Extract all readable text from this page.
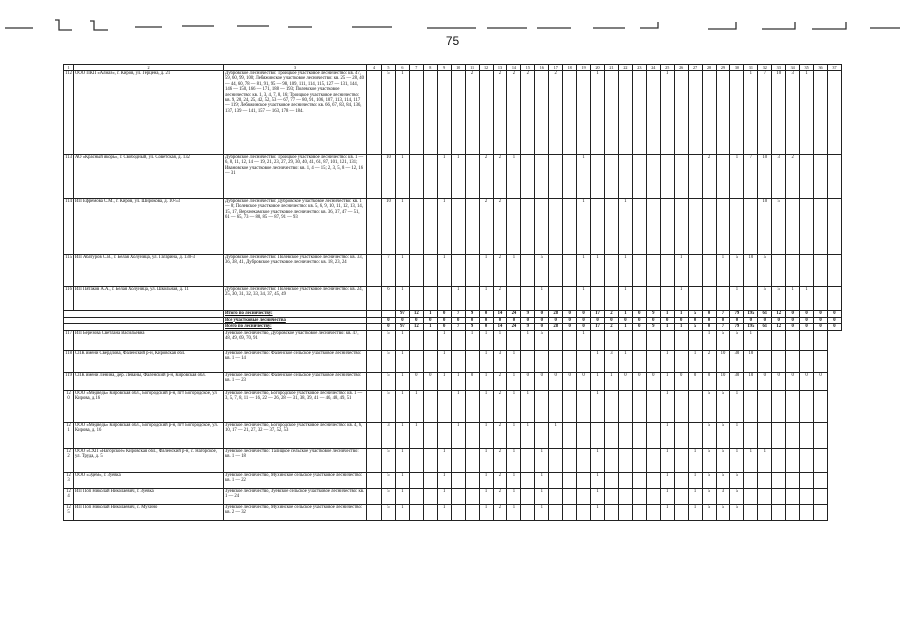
75
1	2	3	4	5	6	7	8	9	10	11	12	13	14	15	16	17	18	19	20	21	22	23	24	25	26	27	28	29	30	31	32	33	34	35	36	37	
112	ООО ПКП «Алмаз», г. Киров, ул. Герцена, д. 21	Дубровское Лесничество: Троицкое участковое лесничество: кв. 47, 59, 60, 99, 100; Лебяжинское участковое лесничество: кв. 25 — 28, 40 — 44, 60, 78 — 81, 91, 95 — 98, 109, 111, 114, 115, 127 — 131, 144, 146 — 150, 166 — 171, 188 — 193; Полевское участковое лесничество: кв. 1, 3, 4, 7, 8, 16; Троицкое участковое лесничество: кв. 9, 20, 24, 25, 42, 52, 53 — 67, 77 — 80, 91, 106, 107, 113, 114, 117 — 119; Лебяжинское участковое лесничество: кв. 66, 67, 83, 84, 136, 137, 139 — 141, 157 — 163, 178 — 184.		5	1					2		2	2	2		2			1					1						1	7	10	3	1					
113	АО «Красный якорь», г. Свободный, ул. Советская, д. 132	Дубровское Лесничество: Троицкое участковое лесничество: кв. 1 — 6, 8, 11, 12, 14 — 19, 21, 23, 27, 29, 30, 40, 41, 61, 87, 101, 121, 131; Ивановское участковое лесничество: кв. 1, 4 — 15; 2, 3, 5, 8 — 12, 16 — 31		10	1			1	1		2	2	1					1									2		1	7	10	3	2					
114	ИП Ефремова С.М., г. Киров, ул. Широкова, д. 10-53	Дубровское Лесничество: Дубровское участковое лесничество: кв. 1 — 8; Полевское участковое лесничество: кв. 5, 6, 9, 10, 11, 12, 13, 14, 15, 17, Верхнекамское участковое лесничество: кв. 36, 37, 47 — 51, 61 — 65, 73 — 80, 85 — 87, 91 — 93		10	1			1			2	2						1			1										10	5						
115	ИП Абатуров С.В., г. Белая Холуница, ул. Гагарина, д. 130-3	Дубровское Лесничество: Полевское участковое лесничество: кв. 33, 36, 38, 41, Дубровское участковое лесничество: кв. 18, 23, 24		7	1			1			1	2	1		5			1	1		1				1			1	5	10	5						
116	ИП Пятаков А.А., г. Белая Холуница, ул. Школьная, д. 11	Дубровское Лесничество: Полевское участковое лесничество: кв. 24, 25, 30, 31, 32, 33, 34, 37, 45, 49		6	1				1		1	2			1			1			1				1				1		5	5	1	1				
		Итого по лесничеству:			97	12	1	0	7	9	0	14	24	9	0	28	0	0	17	2	1	0	9	1	1	5	0	7	79	195	61	12	0	0	0	0	
		Все участковые лесничества		0	0	0	0	0	0	0	0	0	0	0	0	0	0	0	0	0	0	0	0	0	0	0	0	0	0	0	0	0	0	0	0	0	
		Всего по лесничеству:		0	97	12	1	0	7	9	0	14	24	9	0	28	0	0	17	2	1	0	9	1	1	5	0	7	79	195	61	12	0	0	0	0	
117	ИП Березова Светлана Васильевна	Зуевское лесничество, Дубровское участковое лесничество: кв. 47, 48, 49, 69, 70, 91		5	1			1		1	1	1		1	5			1									1	5	5	1							
118	СПК имени Свердлова, Фаленский р-н, Кировская обл.	Зуевское лесничество: Фаленское сельское участковое лесничество: кв. 1 — 14		5	1			1			1	3	1						1	3	1			1		1	2	10	30	10							
119	СПК имени Ленина, дер. Леваны, Фаленский р-н, Кировская обл.	Зуевское лесничество: Фаленское сельское участковое лесничество: кв. 1 — 23		5	1	0	0	1	1	0	1	2	1	0	0	0	0	0	1	1	0	0	0	1	0	0	0	10	30	10	0	0	0	0	0		
120	ООО «Медведь» Кировская обл., Богородский р-н, пгт Богородское, ул Кирова, д.16	Зуевское лесничество, Богородское участковое лесничество: кв. 1 — 3, 5, 7, 8, 11 — 16, 22 — 26, 28 — 31, 38, 39, 41 — 46, 48, 49, 51		5	1	1			1		1	2	1	1					1					1			5	5	1								
121	ООО «Медведь» Кировская обл., Богородский р-н, пгт Богородское, ул. Кирова, д. 16	Зуевское лесничество, Богородское участковое лесничество: кв. 4, 6, 10, 17 — 21, 27, 32 — 37, 52, 53		3	1	1			1		1	2	1	1		1								1			5	5	1								
122	ООО «СХП «Нагорское» Кировская обл., Фаленский р-н, с. Нагорское, ул. Труда, д. 5	Зуевское лесничество: Талицкое сельское участковое лесничество: кв. 1 — 18		5	1			1			1	2	1		1				1					1		1	5	5	1	1	1						
123	ООО «Эдем», г. Зуевка	Зуевское лесничество, Мухинское сельское участковое лесничество: кв. 1 — 22		5	1			1			1	2	1		1				1					1		1	5	5	5								
124	ИП Поп Николай Николаевич, г. Зуевка	Зуевское лесничество, Зуевское сельское участковое лесничество: кв. 1 — 24		5	1			1			1	2	1		1				1					1		1	5	3	5								
125	ИП Поп Николай Николаевич, с. Мухино	Зуевское лесничество, Мухинское сельское участковое лесничество: кв. 2 — 32		5	1			1			1	2	1		1				1					1		1	5	5	5								
